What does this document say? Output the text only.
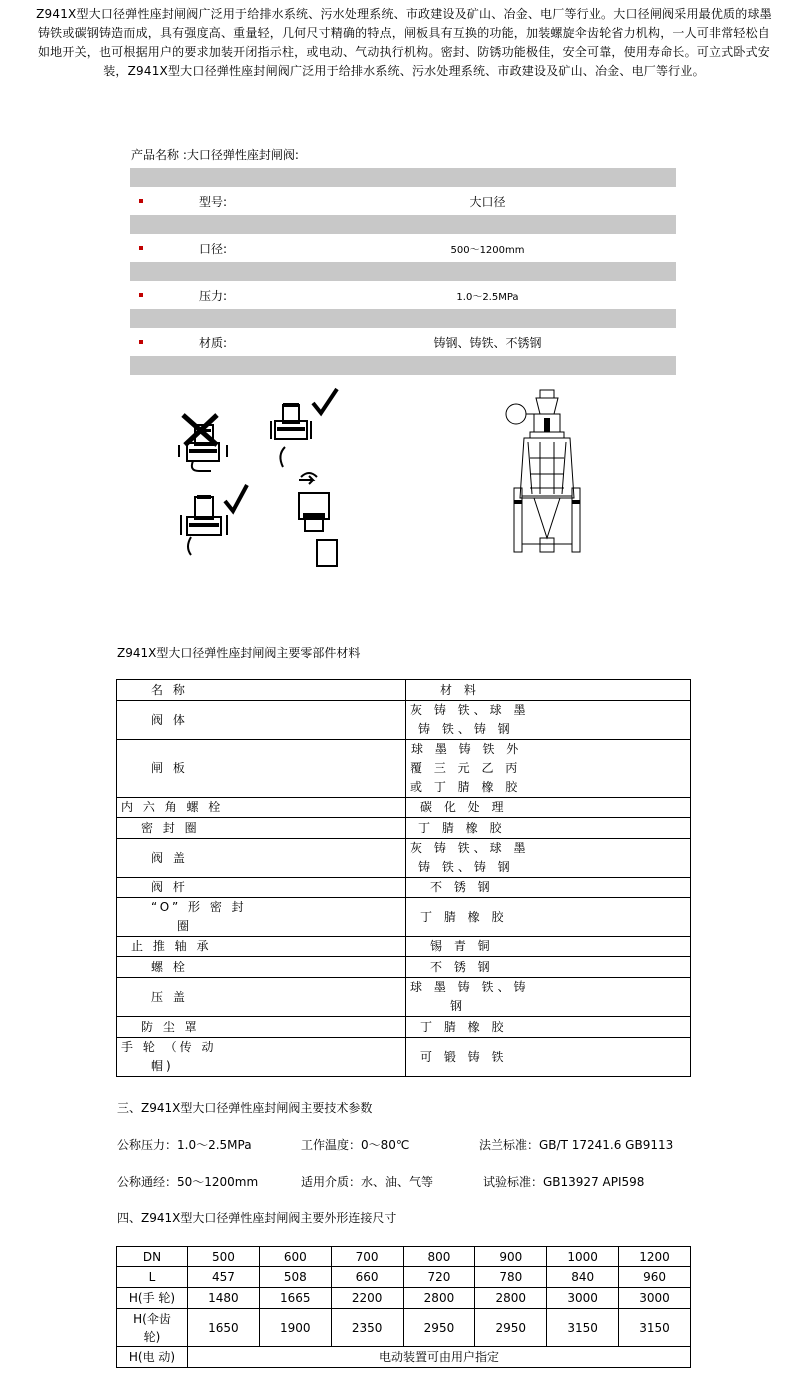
Z941X型大口径弹性座封闸阀广泛用于给排水系统、污水处理系统、市政建设及矿山、冶金、电厂等行业。大口径闸阀采用最优质的球墨

铸铁或碳钢铸造而成，具有强度高、重量轻，几何尺寸精确的特点，闸板具有互换的功能，加装螺旋伞齿轮省力机构，一人可非常轻松自

如地开关，也可根据用户的要求加装开闭指示柱，或电动、气动执行机构。密封、防锈功能极佳，安全可靠，使用寿命长。可立式卧式安

装，Z941X型大口径弹性座封闸阀广泛用于给排水系统、污水处理系统、市政建设及矿山、冶金、电厂等行业。

产品名称 :大口径弹性座封闸阀:
型号:	大口径
口径:	500～1200mm
压力:	1.0～2.5MPa
材质:	铸钢、铸铁、不锈钢
Z941X型大口径弹性座封闸阀主要零部件材料
名 称	材 料

阀 体	灰 铸 铁、球 墨
铸 铁、铸 钢

闸 板	球 墨 铸 铁 外
覆 三 元 乙 丙
或 丁 腈 橡 胶

内 六 角 螺 栓	碳 化 处 理

密 封 圈	丁 腈 橡 胶

阀 盖	灰 铸 铁、球 墨
铸 铁、铸 钢

阀 杆	不 锈 钢

“O” 形 密 封
圈	丁 腈 橡 胶

止 推 轴 承	锡 青 铜

螺 栓	不 锈 钢

压 盖	球 墨 铸 铁、铸
钢

防 尘 罩	丁 腈 橡 胶

手 轮 （传 动
帽)	可 锻 铸 铁
三、Z941X型大口径弹性座封闸阀主要技术参数
公称压力：1.0～2.5MPa	工作温度：0～80℃	法兰标准：GB/T 17241.6 GB9113
公称通经：50～1200mm	适用介质：水、油、气等	试验标准：GB13927 API598
四、Z941X型大口径弹性座封闸阀主要外形连接尺寸
DN	500	600	700	800	900	1000	1200
L	457	508	660	720	780	840	960
H(手 轮)	1480	1665	2200	2800	2800	3000	3000
H(伞齿轮)	1650	1900	2350	2950	2950	3150	3150
H(电 动)	电动装置可由用户指定						
